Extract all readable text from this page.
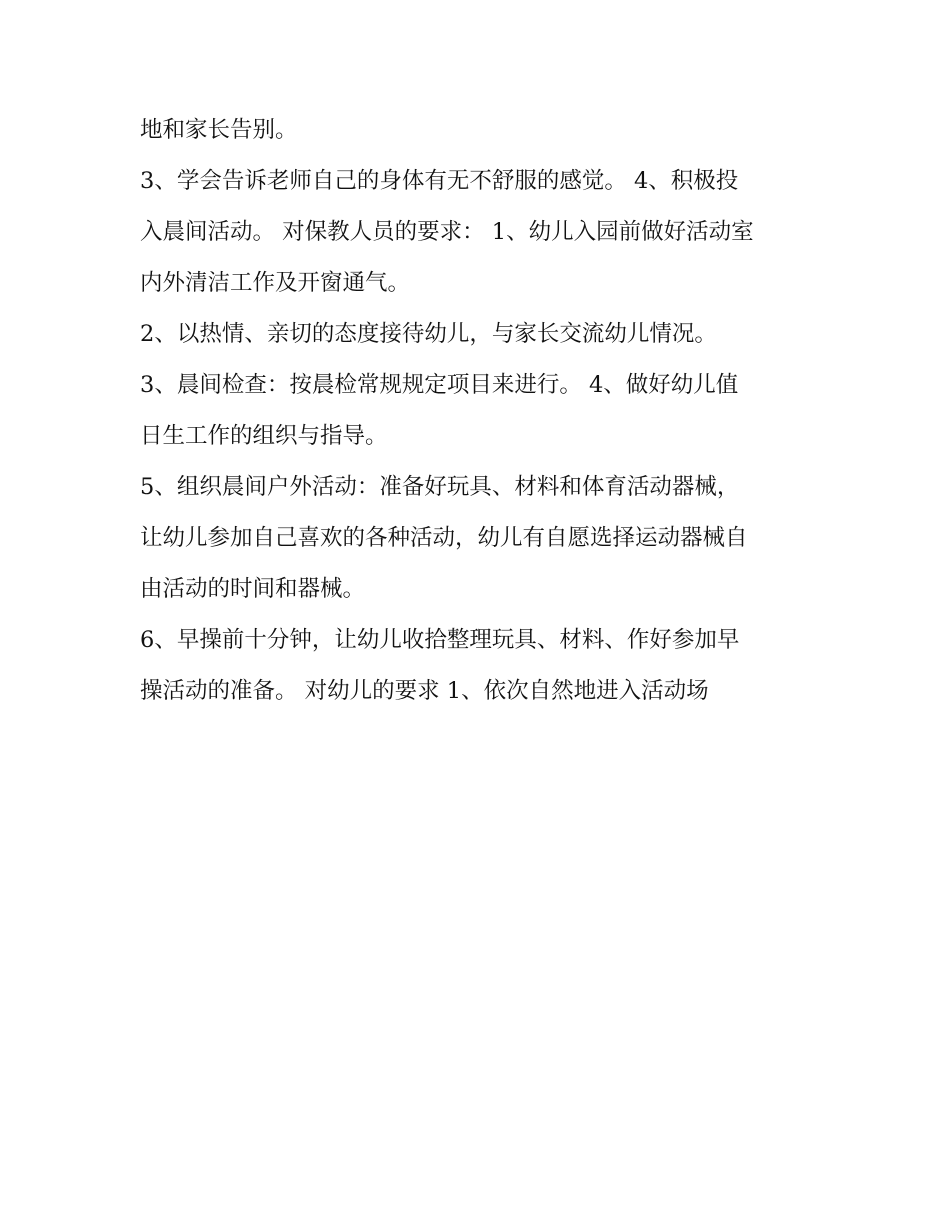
地和家长告别。
3、学会告诉老师自己的身体有无不舒服的感觉。 4、积极投
入晨间活动。 对保教人员的要求： 1、幼儿入园前做好活动室
内外清洁工作及开窗通气。
2、以热情、亲切的态度接待幼儿，与家长交流幼儿情况。
3、晨间检查：按晨检常规规定项目来进行。 4、做好幼儿值
日生工作的组织与指导。
5、组织晨间户外活动：准备好玩具、材料和体育活动器械，
让幼儿参加自己喜欢的各种活动，幼儿有自愿选择运动器械自
由活动的时间和器械。
6、早操前十分钟，让幼儿收拾整理玩具、材料、作好参加早
操活动的准备。 对幼儿的要求 1、依次自然地进入活动场
